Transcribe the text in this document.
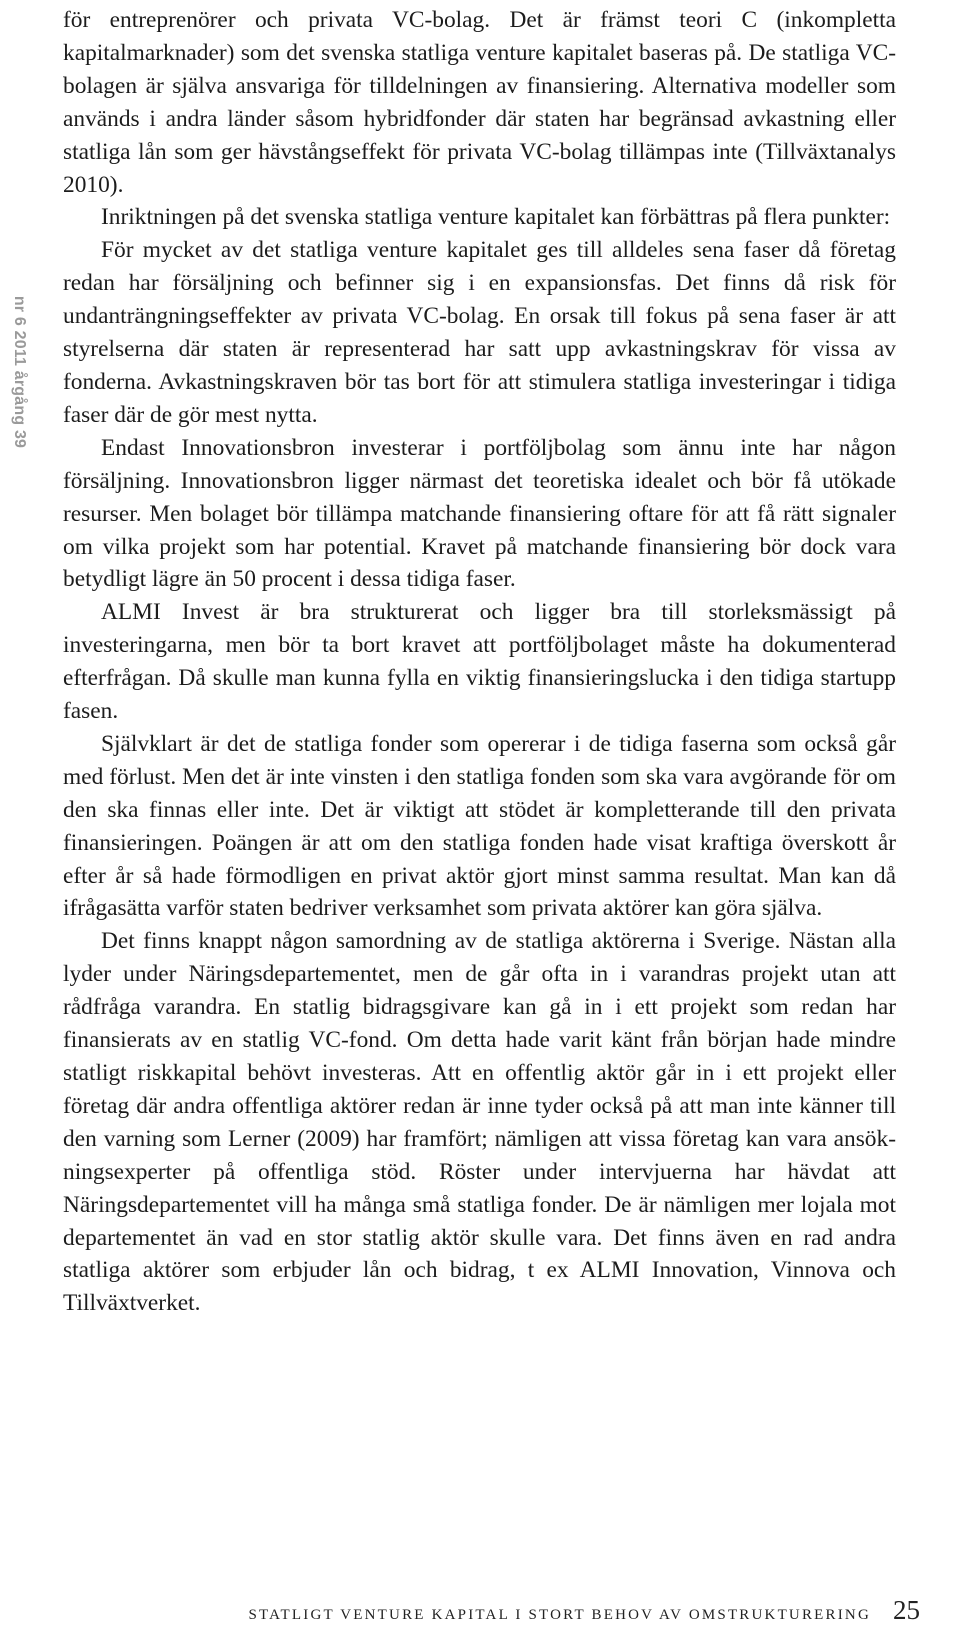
nr 6 2011 årgång 39

för entreprenörer och privata VC-bolag. Det är främst teori C (inkompletta kapitalmarknader) som det svenska statliga venture kapitalet baseras på. De statliga VC-bolagen är själva ansvariga för tilldelningen av finansiering. Alternativa modeller som används i andra länder såsom hybridfonder där staten har begränsad avkastning eller statliga lån som ger hävstångseffekt för privata VC-bolag tillämpas inte (Tillväxtanalys 2010).

Inriktningen på det svenska statliga venture kapitalet kan förbättras på flera punkter:

För mycket av det statliga venture kapitalet ges till alldeles sena faser då företag redan har försäljning och befinner sig i en expansionsfas. Det finns då risk för undanträngningseffekter av privata VC-bolag. En orsak till fokus på sena faser är att styrelserna där staten är representerad har satt upp avkastningskrav för vissa av fonderna. Avkastningskraven bör tas bort för att stimulera statliga investeringar i tidiga faser där de gör mest nytta.

Endast Innovationsbron investerar i portföljbolag som ännu inte har någon försäljning. Innovationsbron ligger närmast det teoretiska idealet och bör få utökade resurser. Men bolaget bör tillämpa matchande finansiering oftare för att få rätt signaler om vilka projekt som har potential. Kravet på matchande finansiering bör dock vara betydligt lägre än 50 procent i dessa tidiga faser.

ALMI Invest är bra strukturerat och ligger bra till storleksmässigt på investeringarna, men bör ta bort kravet att portföljbolaget måste ha dokumenterad efterfrågan. Då skulle man kunna fylla en viktig finansieringslucka i den tidiga startupp fasen.

Självklart är det de statliga fonder som opererar i de tidiga faserna som också går med förlust. Men det är inte vinsten i den statliga fonden som ska vara avgörande för om den ska finnas eller inte. Det är viktigt att stödet är kompletterande till den privata finansieringen. Poängen är att om den statliga fonden hade visat kraftiga överskott år efter år så hade förmodligen en privat aktör gjort minst samma resultat. Man kan då ifrågasätta varför staten bedriver verksamhet som privata aktörer kan göra själva.

Det finns knappt någon samordning av de statliga aktörerna i Sverige. Nästan alla lyder under Näringsdepartementet, men de går ofta in i varandras projekt utan att rådfråga varandra. En statlig bidragsgivare kan gå in i ett projekt som redan har finansierats av en statlig VC-fond. Om detta hade varit känt från början hade mindre statligt riskkapital behövt investeras. Att en offentlig aktör går in i ett projekt eller företag där andra offentliga aktörer redan är inne tyder också på att man inte känner till den varning som Lerner (2009) har framfört; nämligen att vissa företag kan vara ansökningsexperter på offentliga stöd. Röster under intervjuerna har hävdat att Näringsdepartementet vill ha många små statliga fonder. De är nämligen mer lojala mot departementet än vad en stor statlig aktör skulle vara. Det finns även en rad andra statliga aktörer som erbjuder lån och bidrag, t ex ALMI Innovation, Vinnova och Tillväxtverket.

STATLIGT VENTURE KAPITAL I STORT BEHOV AV OMSTRUKTURERING 25
